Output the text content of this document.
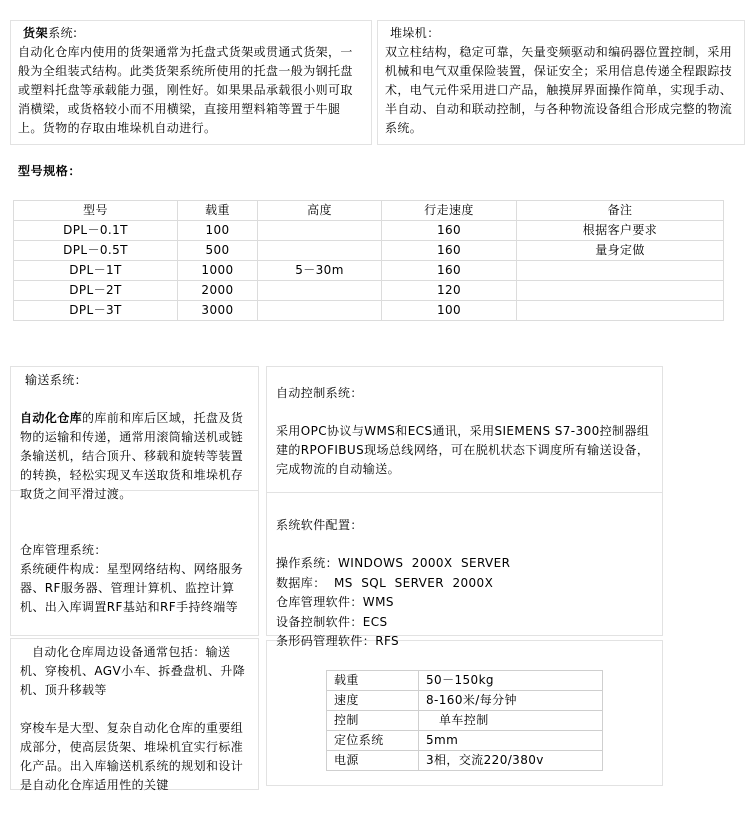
货架系统:

自动化仓库内使用的货架通常为托盘式货架或贯通式货架，一般为全组装式结构。此类货架系统所使用的托盘一般为钢托盘或塑料托盘等承载能力强，刚性好。如果果品承载很小则可取消横梁，或货格较小而不用横梁，直接用塑料箱等置于牛腿上。货物的存取由堆垛机自动进行。

堆垛机：

双立柱结构，稳定可靠，矢量变频驱动和编码器位置控制，采用机械和电气双重保险装置，保证安全；采用信息传递全程跟踪技术，电气元件采用进口产品，触摸屏界面操作简单，实现手动、半自动、自动和联动控制，与各种物流设备组合形成完整的物流系统。

型号规格：
型号	载重	高度	行走速度	备注
DPL－0.1T	100		160	根据客户要求
DPL－0.5T	500		160	量身定做
DPL－1T	1000	5－30m	160	
DPL－2T	2000		120	
DPL－3T	3000		100	
输送系统：

自动化仓库的库前和库后区域，托盘及货物的运输和传递，通常用滚筒输送机或链条输送机，结合顶升、移载和旋转等装置的转换，轻松实现叉车送取货和堆垛机存取货之间平滑过渡。

仓库管理系统：

系统硬件构成：星型网络结构、网络服务器、RF服务器、管理计算机、监控计算机、出入库调置RF基站和RF手持终端等

自动化仓库周边设备通常包括：输送机、穿梭机、AGV小车、拆叠盘机、升降机、顶升移载等

穿梭车是大型、复杂自动化仓库的重要组成部分，使高层货架、堆垛机宜实行标准化产品。出入库输送机系统的规划和设计是自动化仓库适用性的关键

自动控制系统：

采用OPC协议与WMS和ECS通讯，采用SIEMENS S7-300控制器组建的RPOFIBUS现场总线网络，可在脱机状态下调度所有输送设备，完成物流的自动输送。

系统软件配置：

操作系统：WINDOWS  2000X  SERVER

数据库：  MS  SQL  SERVER  2000X

仓库管理软件：WMS

设备控制软件：ECS

条形码管理软件：RFS

载重	50－150kg
速度	8-160米/每分钟
控制	单车控制
定位系统	5mm
电源	3相，交流220/380v
